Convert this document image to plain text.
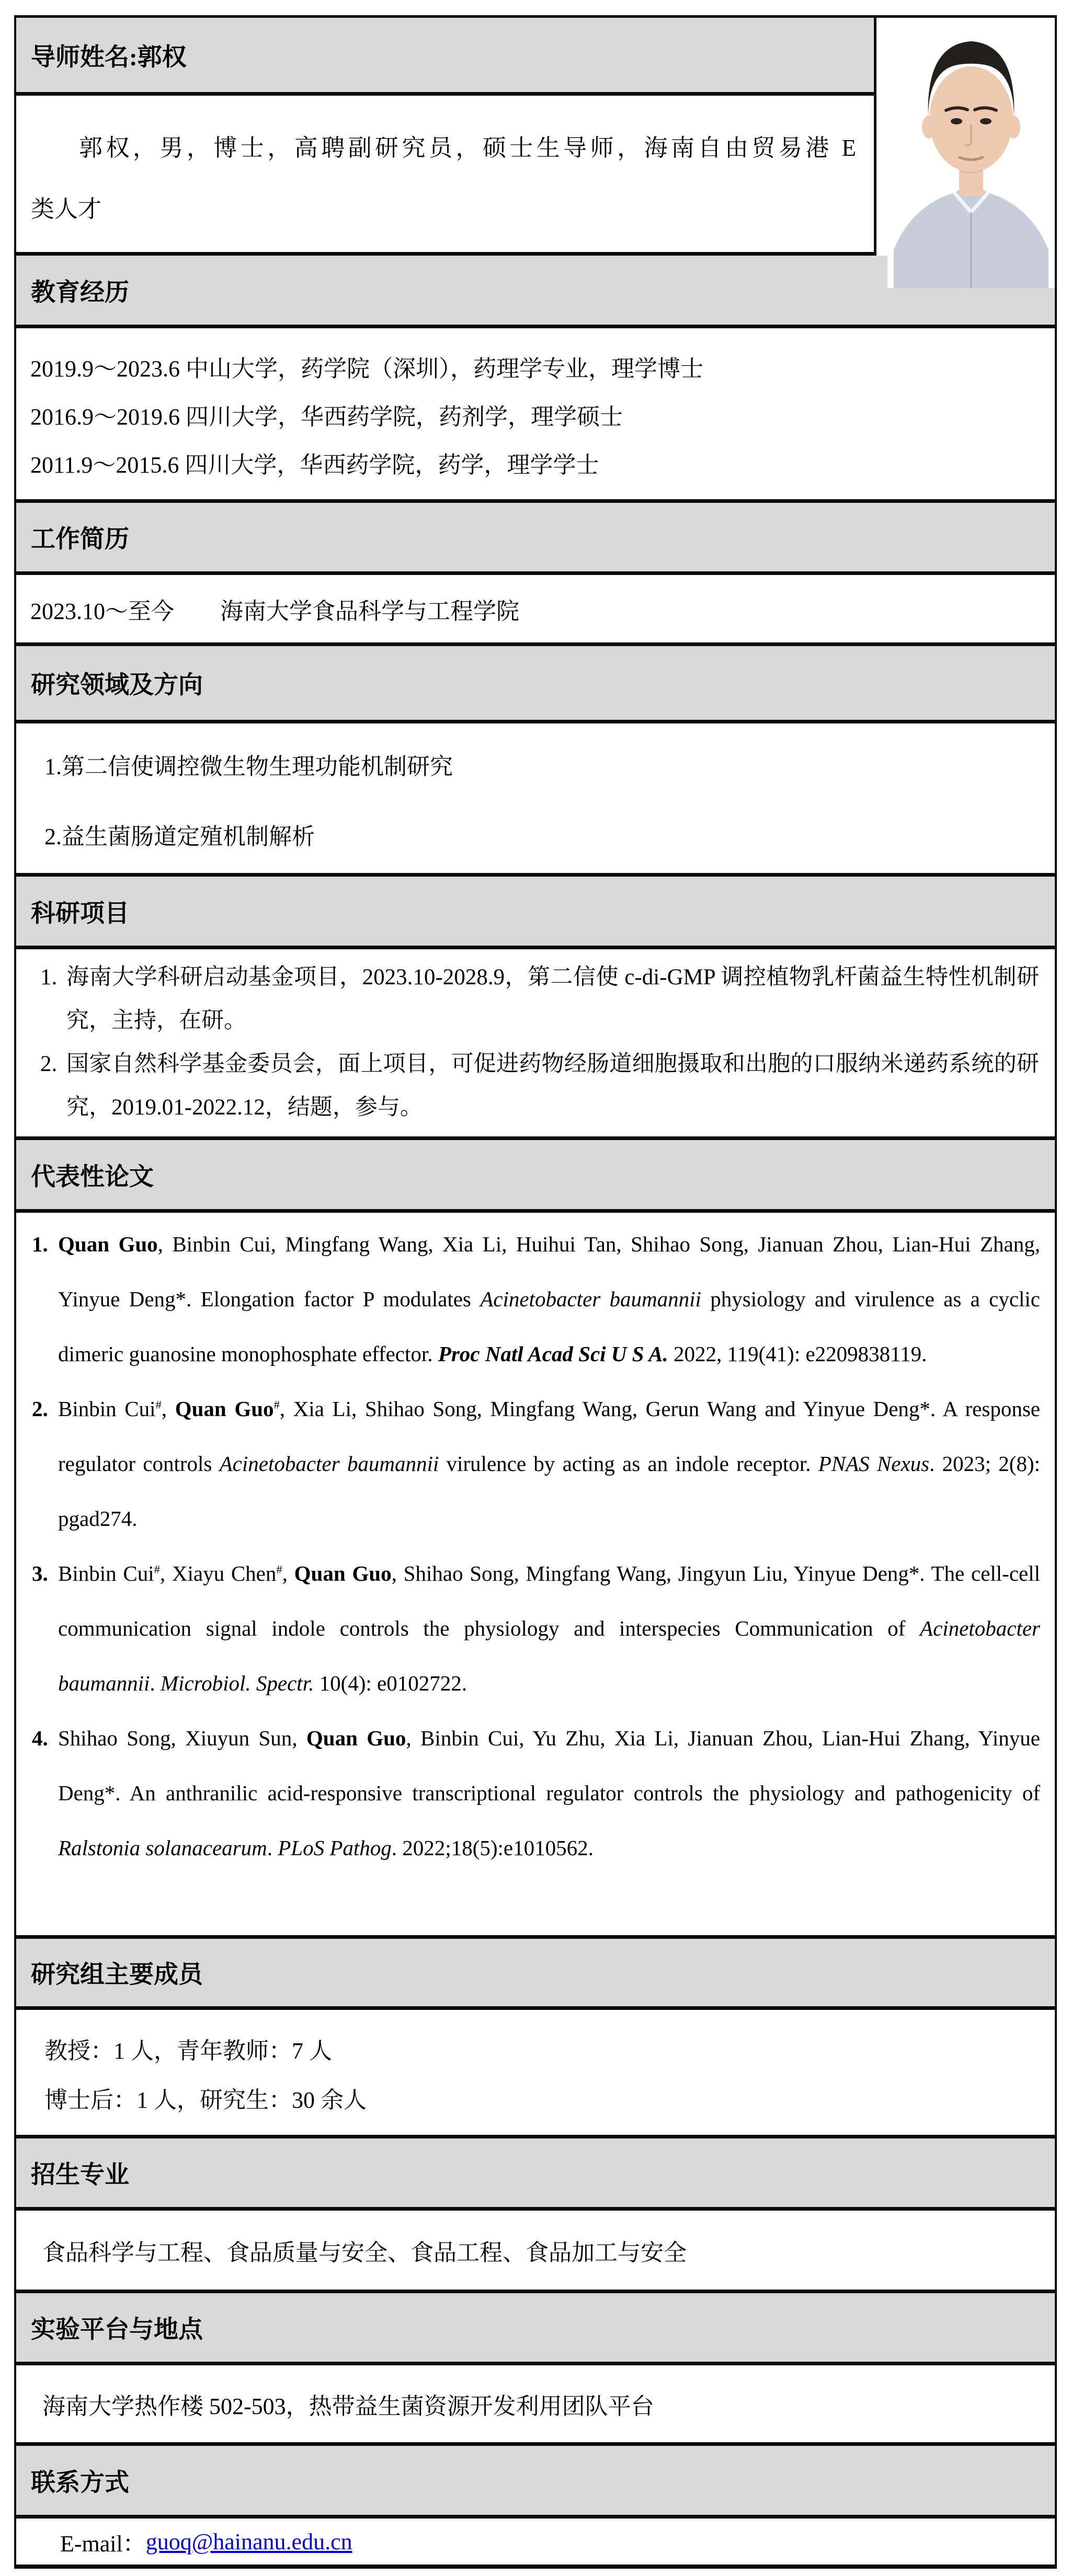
导师姓名:郭权
郭权，男，博士，高聘副研究员，硕士生导师，海南自由贸易港 E
类人才
教育经历
2019.9～2023.6 中山大学，药学院（深圳），药理学专业，理学博士
2016.9～2019.6 四川大学，华西药学院，药剂学，理学硕士
2011.9～2015.6 四川大学，华西药学院，药学，理学学士
工作简历
2023.10～至今　　海南大学食品科学与工程学院
研究领域及方向
1.第二信使调控微生物生理功能机制研究
2.益生菌肠道定殖机制解析
科研项目
1. 海南大学科研启动基金项目，2023.10-2028.9，第二信使 c-di-GMP 调控植物乳杆菌益生特性机制研究，主持，在研。
2. 国家自然科学基金委员会，面上项目，可促进药物经肠道细胞摄取和出胞的口服纳米递药系统的研究，2019.01-2022.12，结题，参与。
代表性论文
1. Quan Guo, Binbin Cui, Mingfang Wang, Xia Li, Huihui Tan, Shihao Song, Jianuan Zhou, Lian-Hui Zhang, Yinyue Deng*. Elongation factor P modulates Acinetobacter baumannii physiology and virulence as a cyclic dimeric guanosine monophosphate effector. Proc Natl Acad Sci U S A. 2022, 119(41): e2209838119.
2. Binbin Cui#, Quan Guo#, Xia Li, Shihao Song, Mingfang Wang, Gerun Wang and Yinyue Deng*. A response regulator controls Acinetobacter baumannii virulence by acting as an indole receptor. PNAS Nexus. 2023; 2(8): pgad274.
3. Binbin Cui#, Xiayu Chen#, Quan Guo, Shihao Song, Mingfang Wang, Jingyun Liu, Yinyue Deng*. The cell-cell communication signal indole controls the physiology and interspecies Communication of Acinetobacter baumannii. Microbiol. Spectr. 10(4): e0102722.
4. Shihao Song, Xiuyun Sun, Quan Guo, Binbin Cui, Yu Zhu, Xia Li, Jianuan Zhou, Lian-Hui Zhang, Yinyue Deng*. An anthranilic acid-responsive transcriptional regulator controls the physiology and pathogenicity of Ralstonia solanacearum. PLoS Pathog. 2022;18(5):e1010562.
研究组主要成员
教授：1 人，青年教师：7 人
博士后：1 人，研究生：30 余人
招生专业
食品科学与工程、食品质量与安全、食品工程、食品加工与安全
实验平台与地点
海南大学热作楼 502-503，热带益生菌资源开发利用团队平台
联系方式
E-mail： guoq@hainanu.edu.cn
